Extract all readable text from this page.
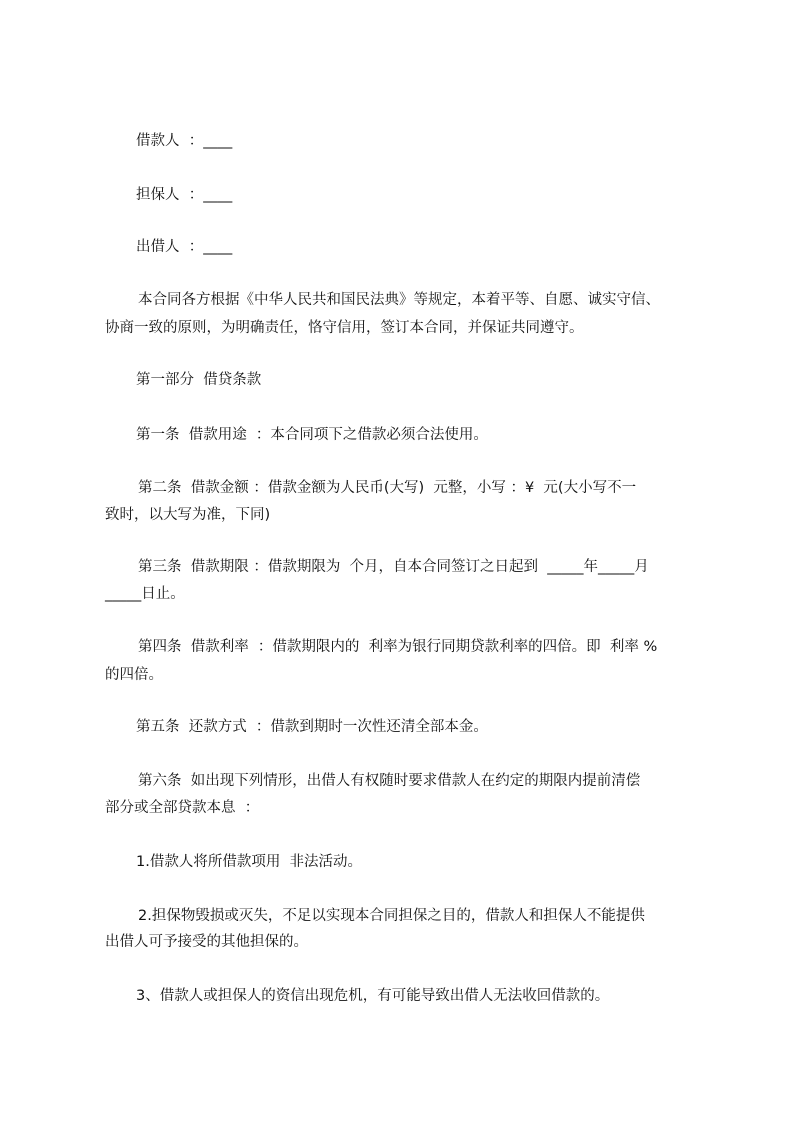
借款人  ：____
担保人  ：____
出借人  ：____
本合同各方根据《中华人民共和国民法典》等规定，本着平等、自愿、诚实守信、
协商一致的原则，为明确责任，恪守信用，签订本合同，并保证共同遵守。
第一部分  借贷条款
第一条  借款用途  ：本合同项下之借款必须合法使用。
第二条  借款金额 ：借款金额为人民币(大写)  元整，小写 ：¥  元(大小写不一
致时，以大写为准，下同)
第三条  借款期限 ：借款期限为  个月，自本合同签订之日起到  _____年_____月
_____日止。
第四条  借款利率  ：借款期限内的  利率为银行同期贷款利率的四倍。即  利率 %
的四倍。
第五条  还款方式  ：借款到期时一次性还清全部本金。
第六条  如出现下列情形，出借人有权随时要求借款人在约定的期限内提前清偿
部分或全部贷款本息  ：
1.借款人将所借款项用  非法活动。
2.担保物毁损或灭失，不足以实现本合同担保之目的，借款人和担保人不能提供
出借人可予接受的其他担保的。
3、借款人或担保人的资信出现危机，有可能导致出借人无法收回借款的。
